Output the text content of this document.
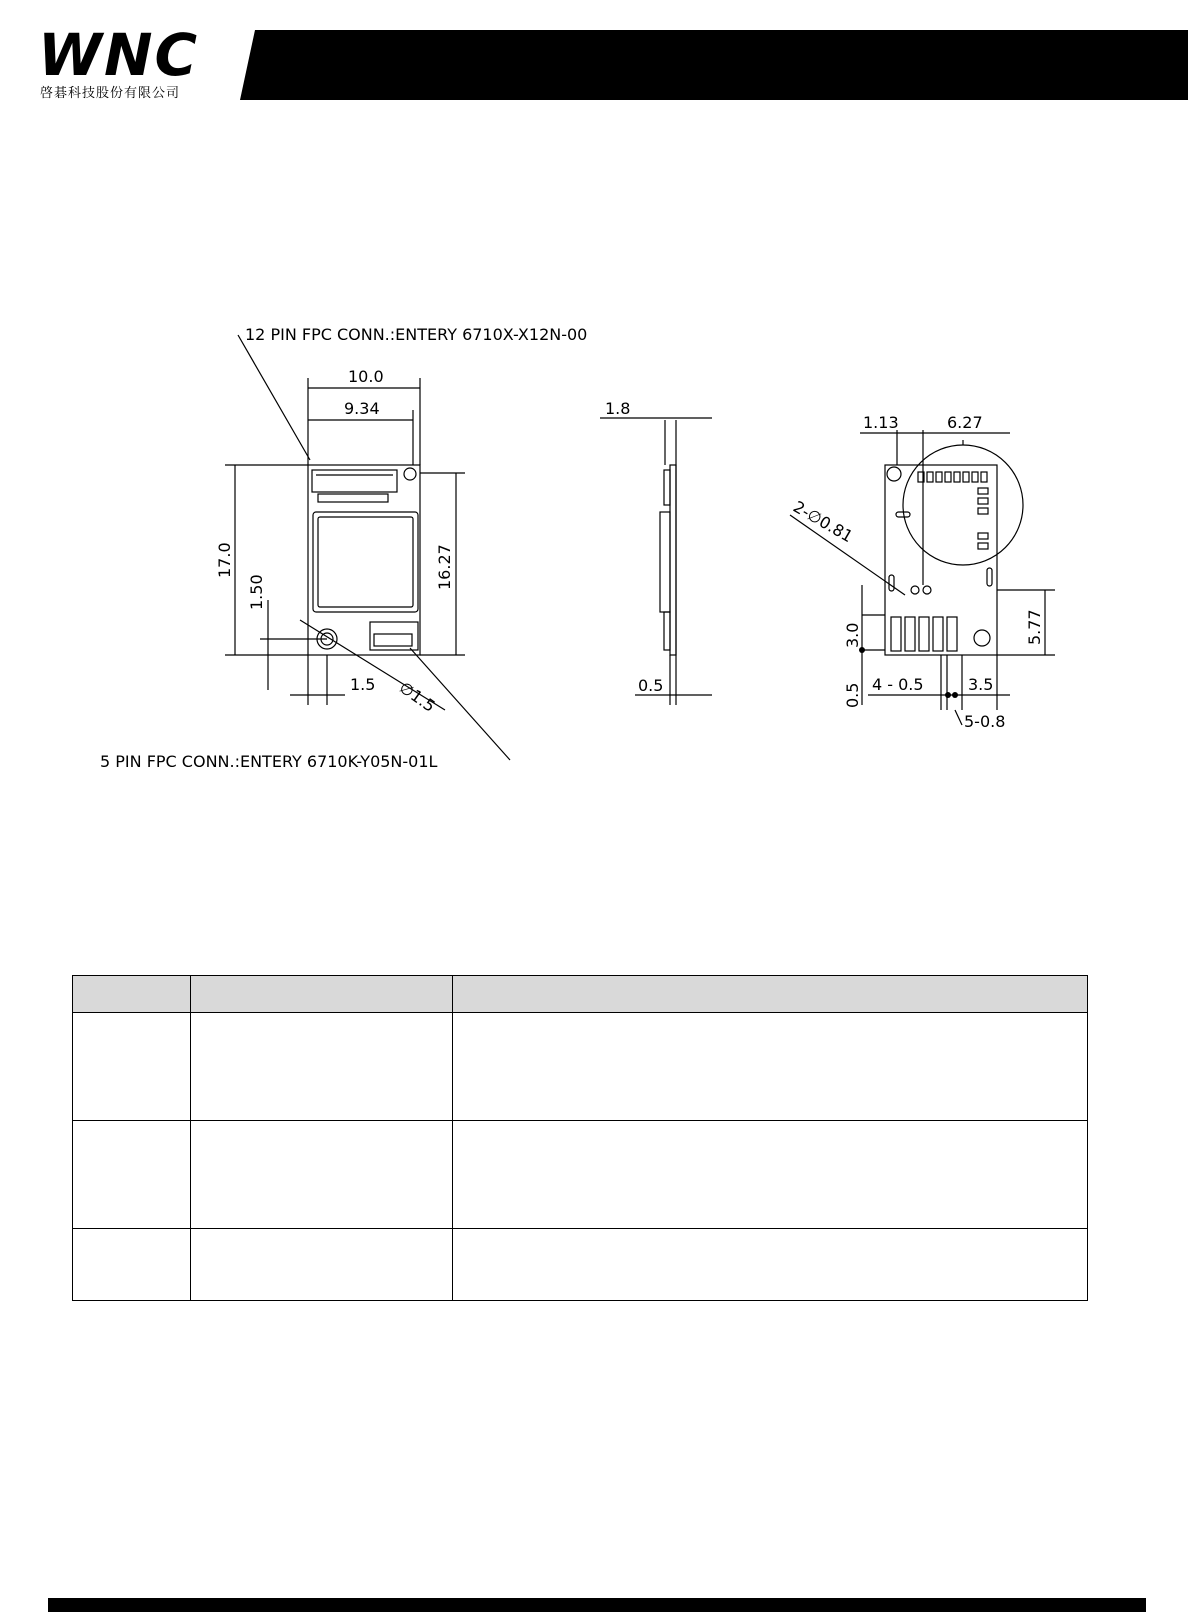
WNC
啓碁科技股份有限公司
12 PIN FPC CONN.:ENTERY 6710X-X12N-00
5 PIN FPC CONN.:ENTERY 6710K-Y05N-01L
10.0
9.34
17.0
1.50
16.27
1.5 ∅1.5
1.8
0.5
1.13	6.27
2-∅0.81
3.0	5.77
0.5 4 - 0.5	3.5
5-0.8
